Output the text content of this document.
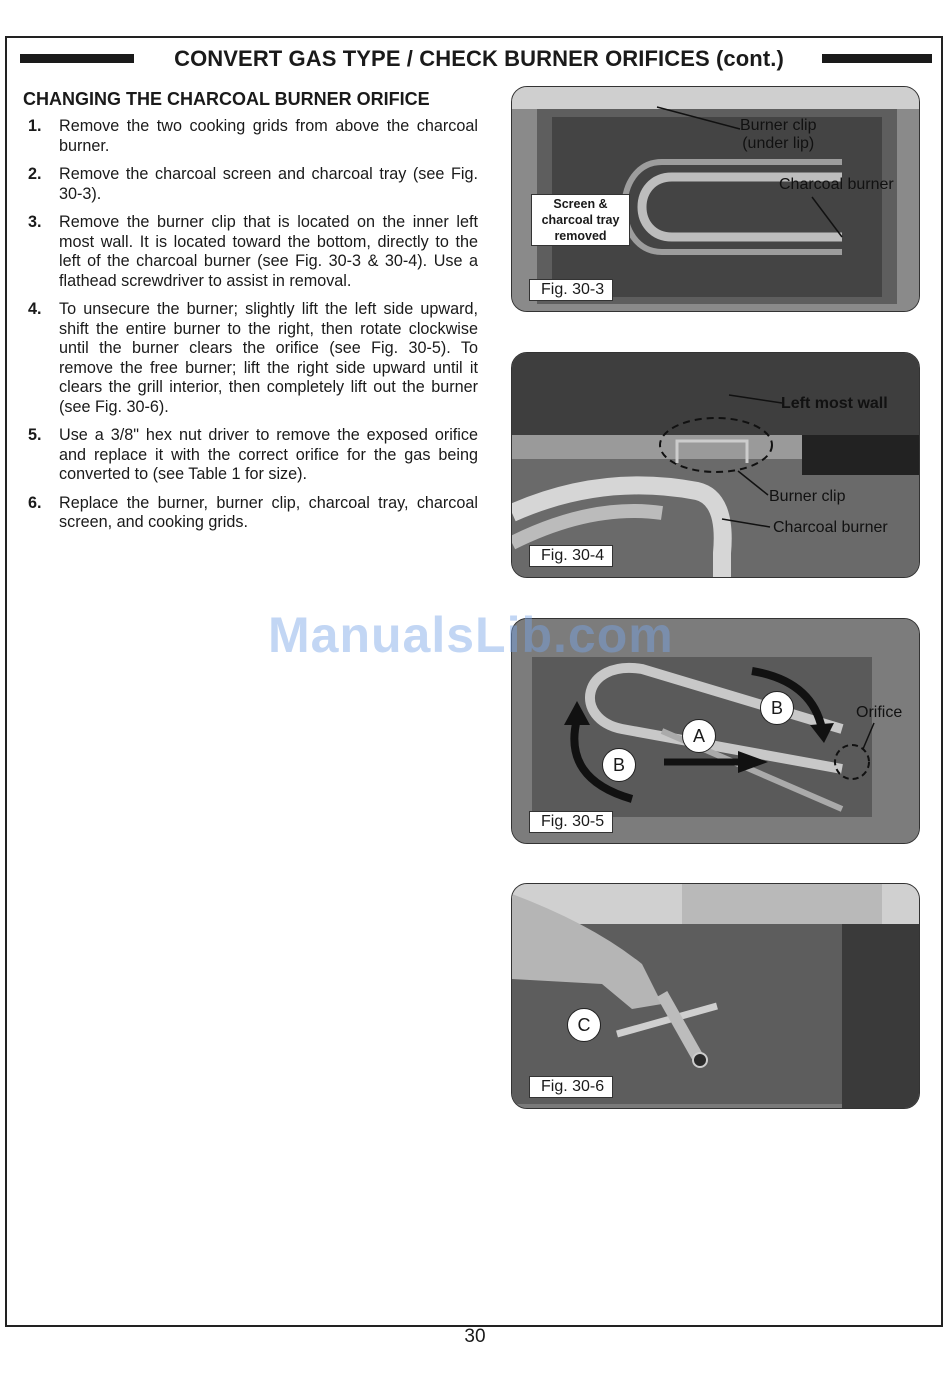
CONVERT GAS TYPE / CHECK BURNER ORIFICES (cont.)
CHANGING THE CHARCOAL BURNER ORIFICE
1.	Remove the two cooking grids from above the charcoal burner.
2.	Remove the charcoal screen and charcoal tray (see Fig. 30-3).
3.	Remove the burner clip that is located on the inner left most wall. It is located toward the bottom, directly to the left of the charcoal burner (see Fig. 30-3 & 30-4). Use a flathead screwdriver to assist in removal.
4.	To unsecure the burner; slightly lift the left side upward, shift the entire burner to the right, then rotate clockwise until the burner clears the orifice (see Fig. 30-5). To remove the free burner; lift the right side upward until it clears the grill interior, then completely lift out the burner (see Fig. 30-6).
5.	Use a 3/8" hex nut driver to remove the exposed orifice and replace it with the correct orifice for the gas being converted to (see Table 1 for size).
6.	Replace the burner, burner clip, charcoal tray, charcoal screen, and cooking grids.
Burner clip
(under lip)
Charcoal burner
Screen & charcoal tray removed
Fig. 30-3
Left most wall
Burner clip
Charcoal burner
Fig. 30-4
B
A
B
Orifice
Fig. 30-5
C
Fig. 30-6
ManualsLib.com
30
